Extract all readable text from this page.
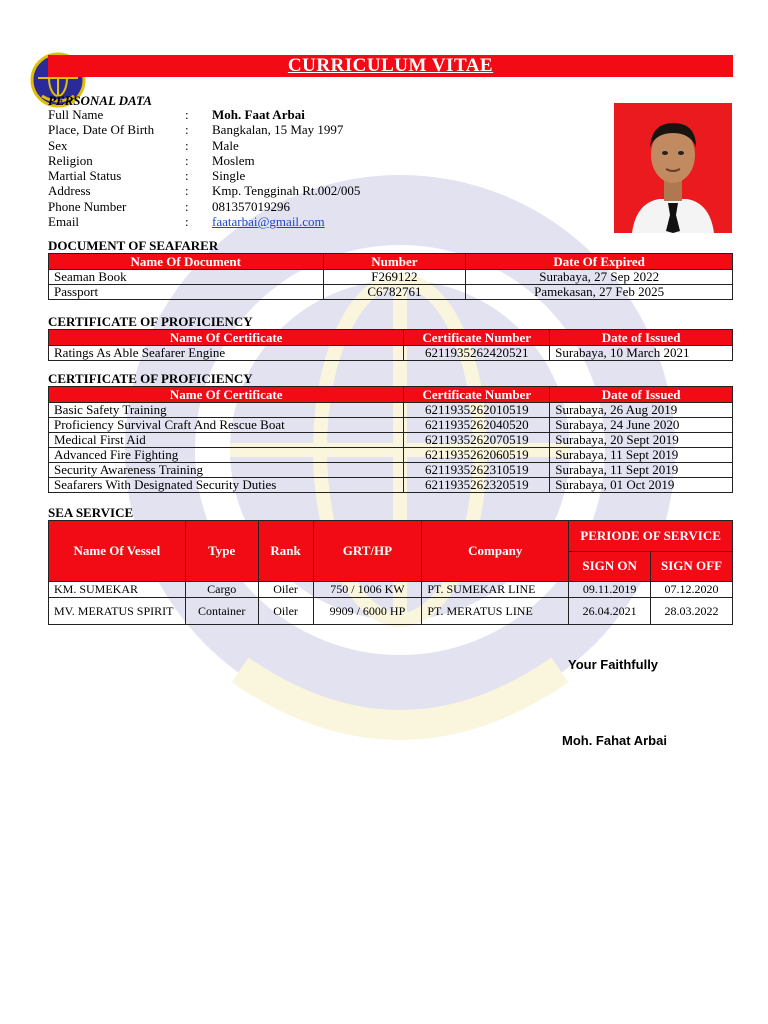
CURRICULUM VITAE
PERSONAL DATA
Full Name	: Moh. Faat Arbai
Place, Date Of Birth : Bangkalan, 15 May 1997
Sex	: Male
Religion	: Moslem
Martial Status	: Single
Address	: Kmp. Tengginah Rt.002/005
Phone Number	: 081357019296
Email	: faatarbai@gmail.com
DOCUMENT OF SEAFARER
Name Of Document	Number	Date Of Expired
Seaman Book	F269122	Surabaya, 27 Sep 2022
Passport	C6782761	Pamekasan, 27 Feb 2025
CERTIFICATE OF PROFICIENCY
Name Of Certificate	Certificate Number	Date of Issued
Ratings As Able Seafarer Engine	6211935262420521	Surabaya, 10 March 2021
CERTIFICATE OF PROFICIENCY
Name Of Certificate	Certificate Number	Date of Issued
Basic Safety Training	6211935262010519	Surabaya, 26 Aug 2019
Proficiency Survival Craft And Rescue Boat	6211935262040520	Surabaya, 24 June 2020
Medical First Aid	6211935262070519	Surabaya, 20 Sept 2019
Advanced Fire Fighting	6211935262060519	Surabaya, 11 Sept 2019
Security Awareness Training	6211935262310519	Surabaya, 11 Sept 2019
Seafarers With Designated Security Duties	6211935262320519	Surabaya, 01 Oct 2019
SEA SERVICE
Name Of Vessel	Type	Rank	GRT/HP	Company	PERIODE OF SERVICE	
					SIGN ON	SIGN OFF
KM. SUMEKAR	Cargo	Oiler	750 / 1006 KW	PT. SUMEKAR LINE	09.11.2019	07.12.2020
MV. MERATUS SPIRIT	Container	Oiler	9909 / 6000 HP	PT. MERATUS LINE	26.04.2021	28.03.2022
Your Faithfully
Moh. Fahat Arbai
